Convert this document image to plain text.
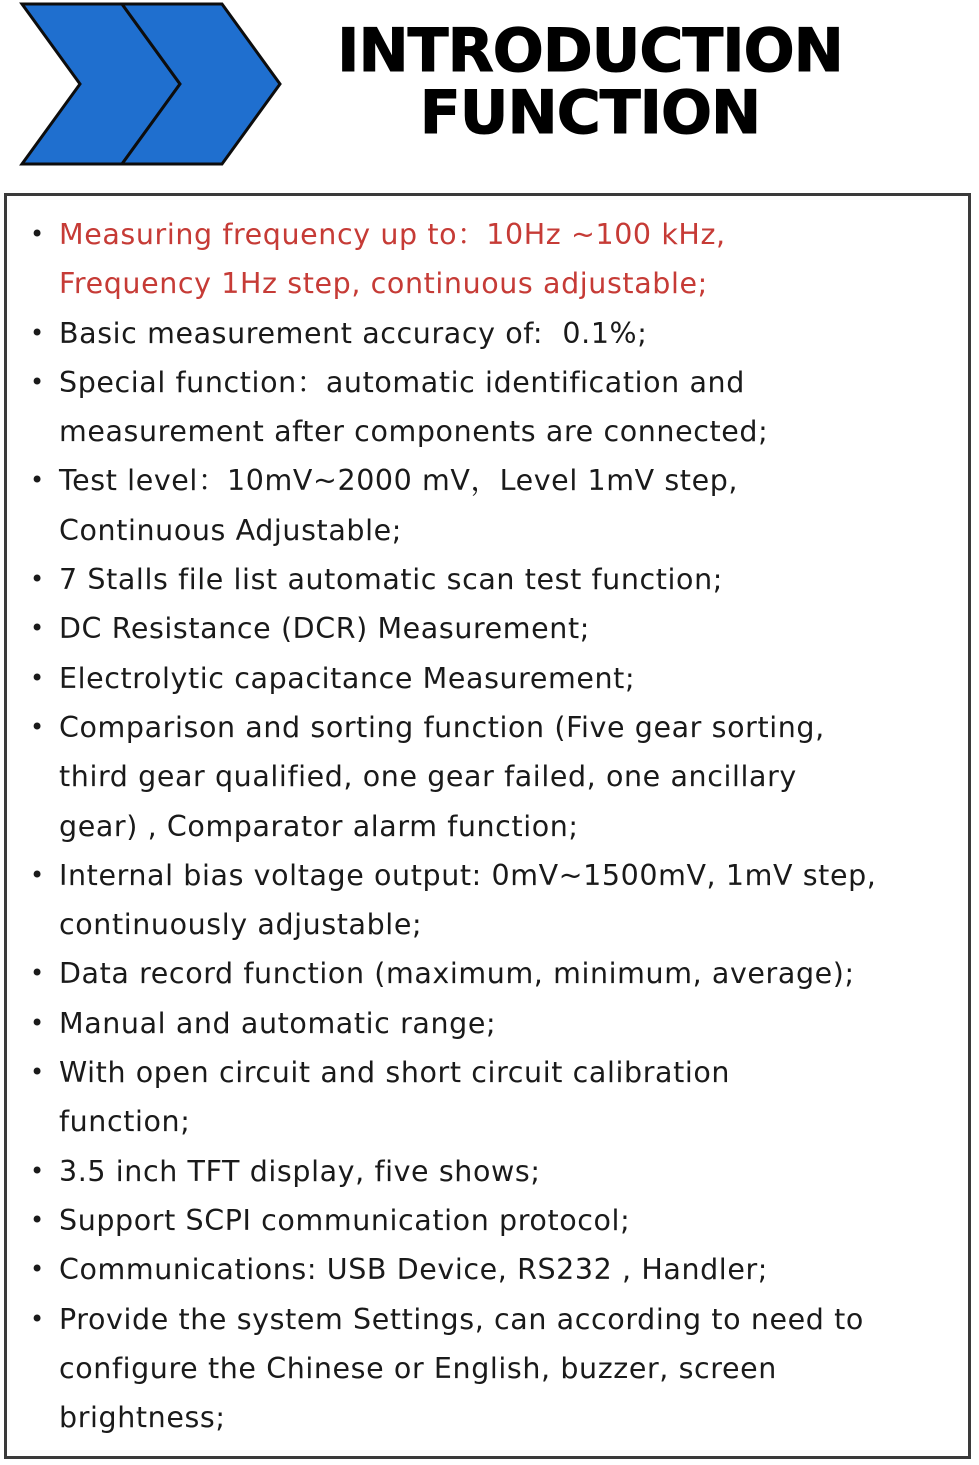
INTRODUCTION
FUNCTION
• Measuring frequency up to：10Hz ~100 kHz,
Frequency 1Hz step, continuous adjustable;
• Basic measurement accuracy of:  0.1%;
• Special function：automatic identification and
measurement after components are connected;
• Test level：10mV~2000 mV，Level 1mV step,
Continuous Adjustable;
• 7 Stalls file list automatic scan test function;
• DC Resistance (DCR) Measurement;
• Electrolytic capacitance Measurement;
• Comparison and sorting function (Five gear sorting,
third gear qualified, one gear failed, one ancillary
gear) , Comparator alarm function;
• Internal bias voltage output: 0mV~1500mV, 1mV step,
continuously adjustable;
• Data record function (maximum, minimum, average);
• Manual and automatic range;
• With open circuit and short circuit calibration
function;
• 3.5 inch TFT display, five shows;
• Support SCPI communication protocol;
• Communications: USB Device, RS232 , Handler;
• Provide the system Settings, can according to need to
configure the Chinese or English, buzzer, screen
brightness;
